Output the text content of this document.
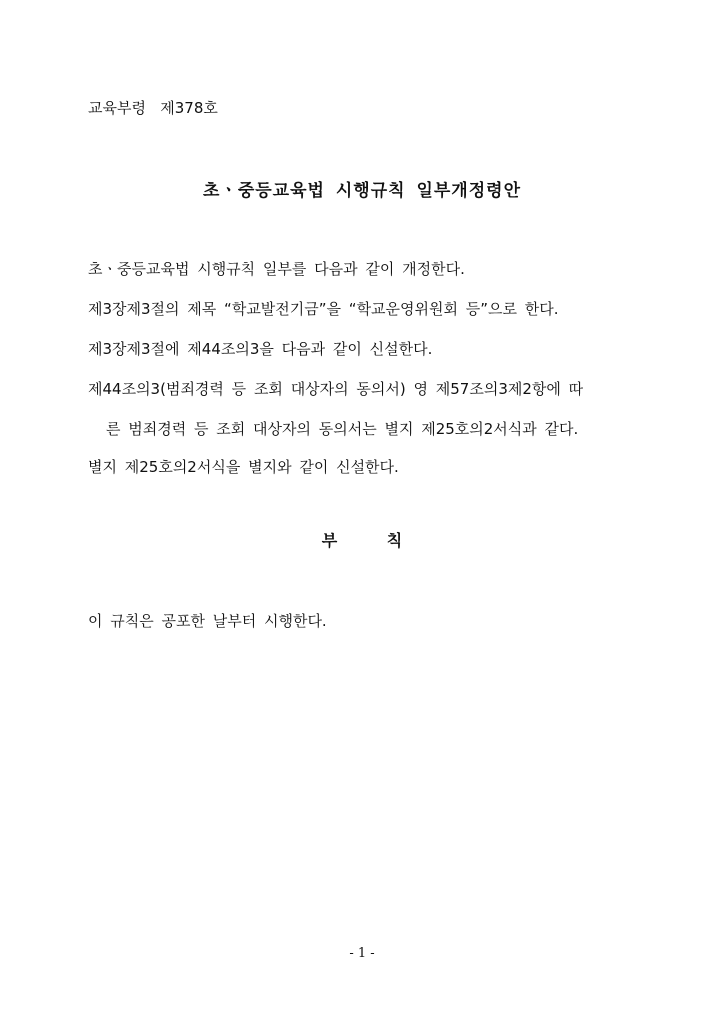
교육부령   제378호
초ㆍ중등교육법 시행규칙 일부개정령안
초ㆍ중등교육법 시행규칙 일부를 다음과 같이 개정한다.
제3장제3절의 제목 “학교발전기금”을 “학교운영위원회 등”으로 한다.
제3장제3절에 제44조의3을 다음과 같이 신설한다.
제44조의3(범죄경력 등 조회 대상자의 동의서) 영 제57조의3제2항에 따
른 범죄경력 등 조회 대상자의 동의서는 별지 제25호의2서식과 같다.
별지 제25호의2서식을 별지와 같이 신설한다.
부 칙
이 규칙은 공포한 날부터 시행한다.
- 1 -
